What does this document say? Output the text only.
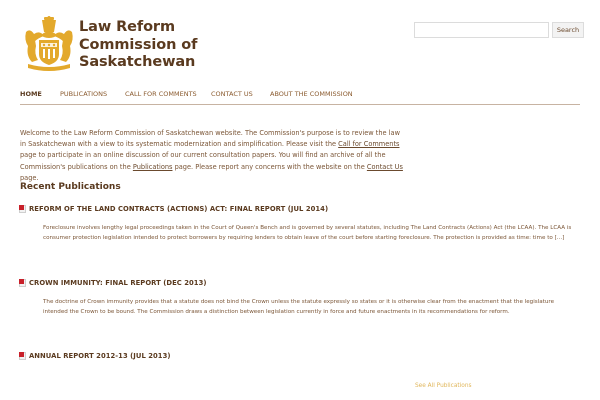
Law Reform
Commission of
Saskatchewan
Search
HOME	PUBLICATIONS	CALL FOR COMMENTS	CONTACT US	ABOUT THE COMMISSION

Welcome to the Law Reform Commission of Saskatchewan website. The Commission's purpose is to review the law in Saskatchewan with a view to its systematic modernization and simplification. Please visit the Call for Comments page to participate in an online discussion of our current consultation papers. You will find an archive of all the Commission's publications on the Publications page. Please report any concerns with the website on the Contact Us page.

Recent Publications
REFORM OF THE LAND CONTRACTS (ACTIONS) ACT: FINAL REPORT (JUL 2014)

Foreclosure involves lengthy legal proceedings taken in the Court of Queen's Bench and is governed by several statutes, including The Land Contracts (Actions) Act (the LCAA). The LCAA is consumer protection legislation intended to protect borrowers by requiring lenders to obtain leave of the court before starting foreclosure. The protection is provided as time: time to [...]

CROWN IMMUNITY: FINAL REPORT (DEC 2013)

The doctrine of Crown immunity provides that a statute does not bind the Crown unless the statute expressly so states or it is otherwise clear from the enactment that the legislature intended the Crown to be bound. The Commission draws a distinction between legislation currently in force and future enactments in its recommendations for reform.

ANNUAL REPORT 2012-13 (JUL 2013)
See All Publications
